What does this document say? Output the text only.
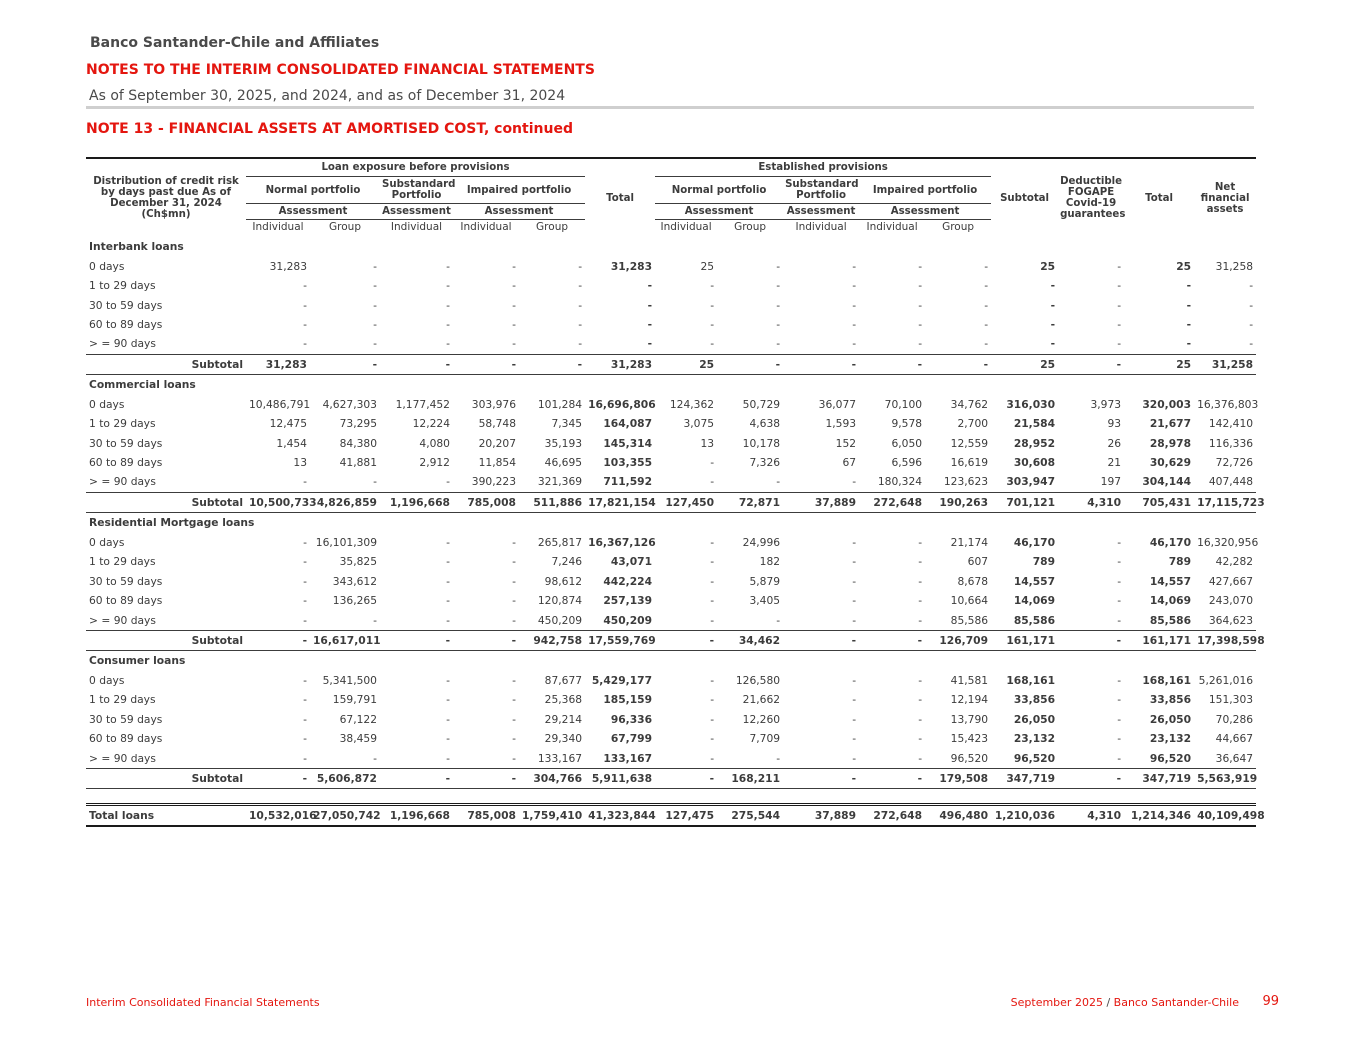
Banco Santander-Chile and Affiliates
NOTES TO THE INTERIM CONSOLIDATED FINANCIAL STATEMENTS
As of September 30, 2025, and 2024, and as of December 31, 2024
NOTE 13 - FINANCIAL ASSETS AT AMORTISED COST, continued
Distribution of credit risk by days past due As of December 31, 2024 (Ch$mn)	Loan exposure before provisions					Total	Established provisions					Subtotal	Deductible FOGAPE Covid-19 guarantees	Total	Net financial assets
	Normal portfolio		Substandard Portfolio	Impaired portfolio			Normal portfolio		Substandard Portfolio	Impaired portfolio					
	Assessment		Assessment	Assessment			Assessment		Assessment	Assessment					
	Individual	Group	Individual	Individual	Group		Individual	Group	Individual	Individual	Group				
Interbank loans															
0 days	31,283	-	-	-	-	31,283	25	-	-	-	-	25	-	25	31,258
1 to 29 days	-	-	-	-	-	-	-	-	-	-	-	-	-	-	-
30 to 59 days	-	-	-	-	-	-	-	-	-	-	-	-	-	-	-
60 to 89 days	-	-	-	-	-	-	-	-	-	-	-	-	-	-	-
> = 90 days	-	-	-	-	-	-	-	-	-	-	-	-	-	-	-
Subtotal	31,283	-	-	-	-	31,283	25	-	-	-	-	25	-	25	31,258
Commercial loans															
0 days	10,486,791	4,627,303	1,177,452	303,976	101,284	16,696,806	124,362	50,729	36,077	70,100	34,762	316,030	3,973	320,003	16,376,803
1 to 29 days	12,475	73,295	12,224	58,748	7,345	164,087	3,075	4,638	1,593	9,578	2,700	21,584	93	21,677	142,410
30 to 59 days	1,454	84,380	4,080	20,207	35,193	145,314	13	10,178	152	6,050	12,559	28,952	26	28,978	116,336
60 to 89 days	13	41,881	2,912	11,854	46,695	103,355	-	7,326	67	6,596	16,619	30,608	21	30,629	72,726
> = 90 days	-	-	-	390,223	321,369	711,592	-	-	-	180,324	123,623	303,947	197	304,144	407,448
Subtotal	10,500,733	4,826,859	1,196,668	785,008	511,886	17,821,154	127,450	72,871	37,889	272,648	190,263	701,121	4,310	705,431	17,115,723
Residential Mortgage loans															
0 days	-	16,101,309	-	-	265,817	16,367,126	-	24,996	-	-	21,174	46,170	-	46,170	16,320,956
1 to 29 days	-	35,825	-	-	7,246	43,071	-	182	-	-	607	789	-	789	42,282
30 to 59 days	-	343,612	-	-	98,612	442,224	-	5,879	-	-	8,678	14,557	-	14,557	427,667
60 to 89 days	-	136,265	-	-	120,874	257,139	-	3,405	-	-	10,664	14,069	-	14,069	243,070
> = 90 days	-	-	-	-	450,209	450,209	-	-	-	-	85,586	85,586	-	85,586	364,623
Subtotal	-	16,617,011	-	-	942,758	17,559,769	-	34,462	-	-	126,709	161,171	-	161,171	17,398,598
Consumer loans															
0 days	-	5,341,500	-	-	87,677	5,429,177	-	126,580	-	-	41,581	168,161	-	168,161	5,261,016
1 to 29 days	-	159,791	-	-	25,368	185,159	-	21,662	-	-	12,194	33,856	-	33,856	151,303
30 to 59 days	-	67,122	-	-	29,214	96,336	-	12,260	-	-	13,790	26,050	-	26,050	70,286
60 to 89 days	-	38,459	-	-	29,340	67,799	-	7,709	-	-	15,423	23,132	-	23,132	44,667
> = 90 days	-	-	-	-	133,167	133,167	-	-	-	-	96,520	96,520	-	96,520	36,647
Subtotal	-	5,606,872	-	-	304,766	5,911,638	-	168,211	-	-	179,508	347,719	-	347,719	5,563,919

Total loans	10,532,016	27,050,742	1,196,668	785,008	1,759,410	41,323,844	127,475	275,544	37,889	272,648	496,480	1,210,036	4,310	1,214,346	40,109,498
Interim Consolidated Financial Statements	September 2025 / Banco Santander-Chile 99
